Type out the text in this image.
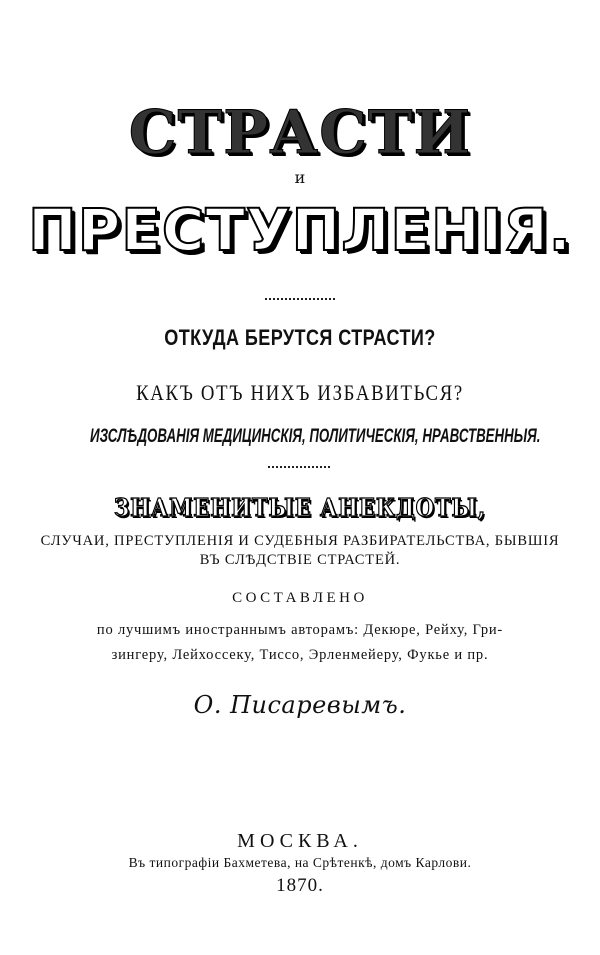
СТРАСТИ
и
ПРЕСТУПЛЕНІЯ.
ОТКУДА БЕРУТСЯ СТРАСТИ?
КАКЪ ОТЪ НИХЪ ИЗБАВИТЬСЯ?
ИЗСЛѢДОВАНІЯ МЕДИЦИНСКІЯ, ПОЛИТИЧЕСКІЯ, НРАВСТВЕННЫЯ.
ЗНАМЕНИТЫЕ АНЕКДОТЫ,
СЛУЧАИ, ПРЕСТУПЛЕНІЯ И СУДЕБНЫЯ РАЗБИРАТЕЛЬСТВА, БЫВШІЯ
ВЪ СЛѢДСТВІЕ СТРАСТЕЙ.
СОСТАВЛЕНО
по лучшимъ иностраннымъ авторамъ: Декюре, Рейху, Гри-
зингеру, Лейхоссеку, Тиссо, Эрленмейеру, Фукье и пр.
О. Писаревымъ.
МОСКВА.
Въ типографіи Бахметева, на Срѣтенкѣ, домъ Карлови.
1870.
